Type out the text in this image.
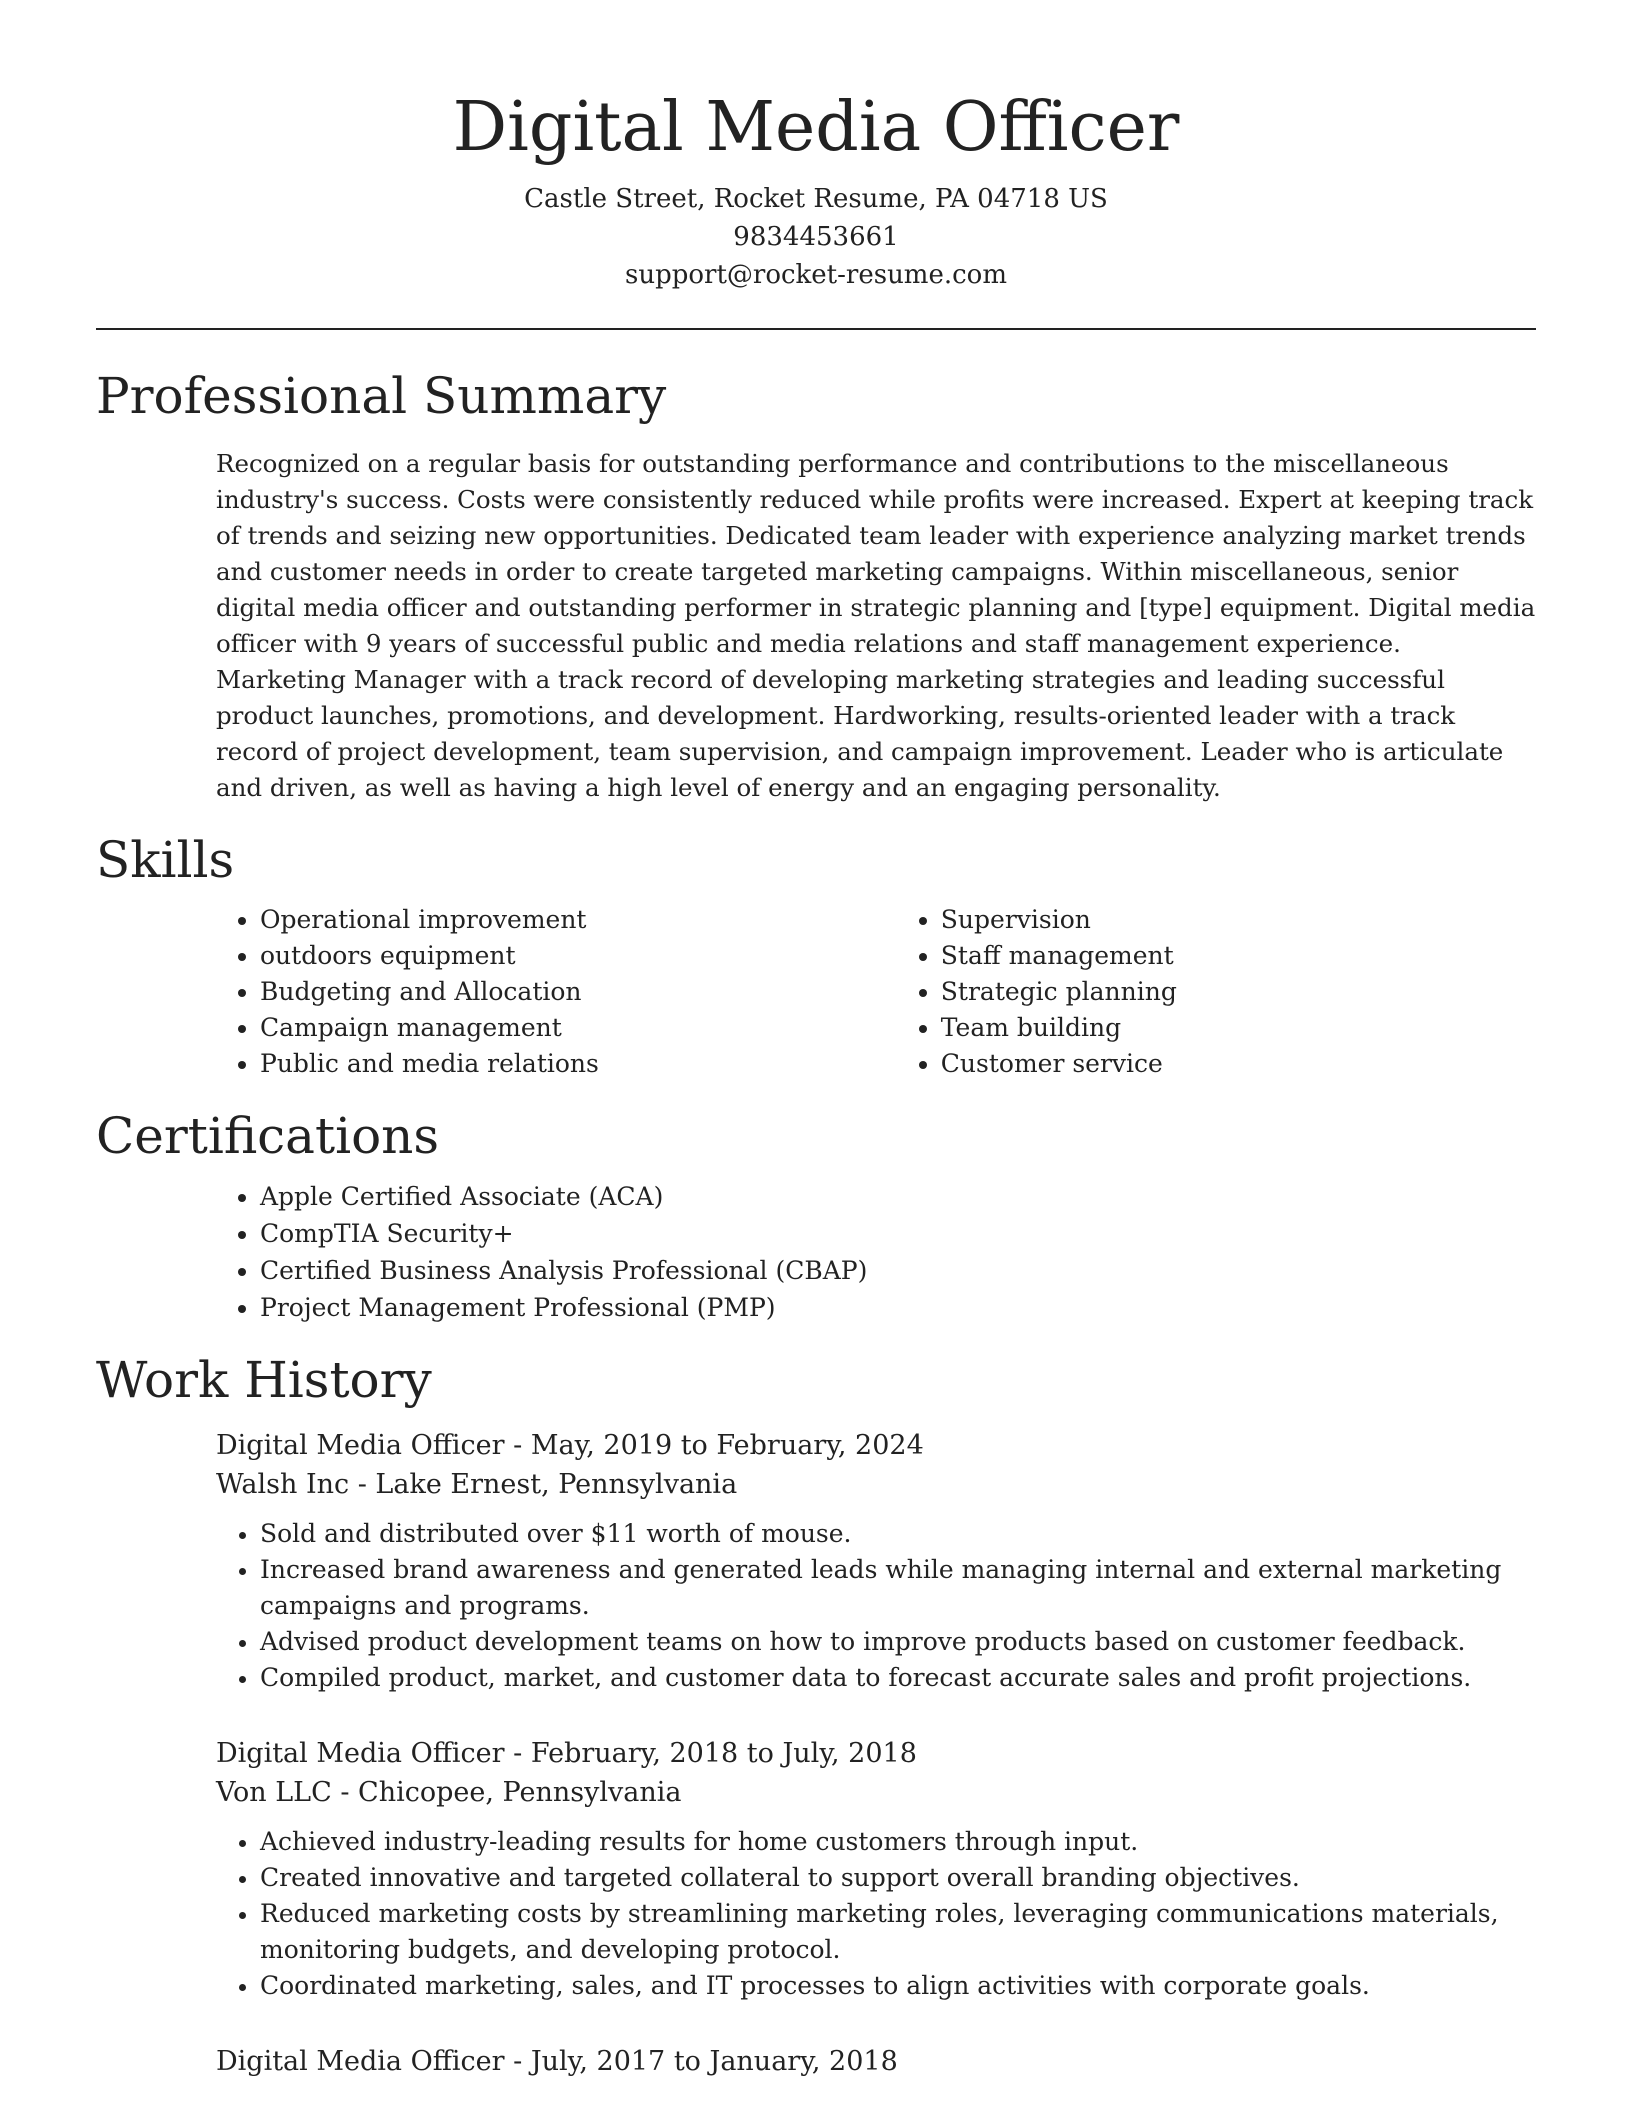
Digital Media Officer
Castle Street, Rocket Resume, PA 04718 US
9834453661
support@rocket-resume.com
Professional Summary
Recognized on a regular basis for outstanding performance and contributions to the miscellaneous industry's success. Costs were consistently reduced while profits were increased. Expert at keeping track of trends and seizing new opportunities. Dedicated team leader with experience analyzing market trends and customer needs in order to create targeted marketing campaigns. Within miscellaneous, senior digital media officer and outstanding performer in strategic planning and [type] equipment. Digital media officer with 9 years of successful public and media relations and staff management experience. Marketing Manager with a track record of developing marketing strategies and leading successful product launches, promotions, and development. Hardworking, results-oriented leader with a track record of project development, team supervision, and campaign improvement. Leader who is articulate and driven, as well as having a high level of energy and an engaging personality.
Skills
• Operational improvement
• outdoors equipment
• Budgeting and Allocation
• Campaign management
• Public and media relations
• Supervision
• Staff management
• Strategic planning
• Team building
• Customer service
Certifications
• Apple Certified Associate (ACA)
• CompTIA Security+
• Certified Business Analysis Professional (CBAP)
• Project Management Professional (PMP)
Work History
Digital Media Officer - May, 2019 to February, 2024
Walsh Inc - Lake Ernest, Pennsylvania
• Sold and distributed over $11 worth of mouse.
• Increased brand awareness and generated leads while managing internal and external marketing campaigns and programs.
• Advised product development teams on how to improve products based on customer feedback.
• Compiled product, market, and customer data to forecast accurate sales and profit projections.
Digital Media Officer - February, 2018 to July, 2018
Von LLC - Chicopee, Pennsylvania
• Achieved industry-leading results for home customers through input.
• Created innovative and targeted collateral to support overall branding objectives.
• Reduced marketing costs by streamlining marketing roles, leveraging communications materials, monitoring budgets, and developing protocol.
• Coordinated marketing, sales, and IT processes to align activities with corporate goals.
Digital Media Officer - July, 2017 to January, 2018
